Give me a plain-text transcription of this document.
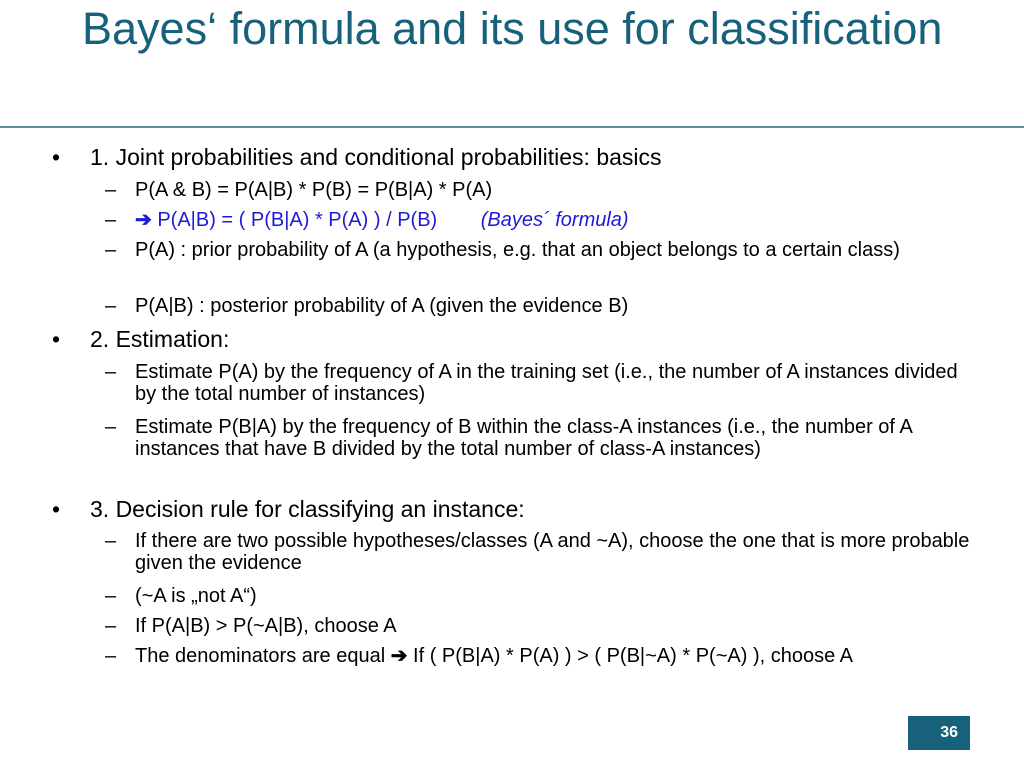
Bayes‘ formula and its use for classification
• 1. Joint probabilities and conditional probabilities: basics
– P(A & B) = P(A|B) * P(B) = P(B|A) * P(A)
– ➔ P(A|B) = ( P(B|A) * P(A) ) / P(B) (Bayes´ formula)
– P(A) : prior probability of A (a hypothesis, e.g. that an object belongs to a certain class)
– P(A|B) : posterior probability of A (given the evidence B)
• 2. Estimation:
– Estimate P(A) by the frequency of A in the training set (i.e., the number of A instances divided by the total number of instances)
– Estimate P(B|A) by the frequency of B within the class-A instances (i.e., the number of A instances that have B divided by the total number of class-A instances)
• 3. Decision rule for classifying an instance:
– If there are two possible hypotheses/classes (A and ~A), choose the one that is more probable given the evidence
– (~A is „not A“)
– If P(A|B) > P(~A|B), choose A
– The denominators are equal ➔ If ( P(B|A) * P(A) ) > ( P(B|~A) * P(~A) ), choose A
36
